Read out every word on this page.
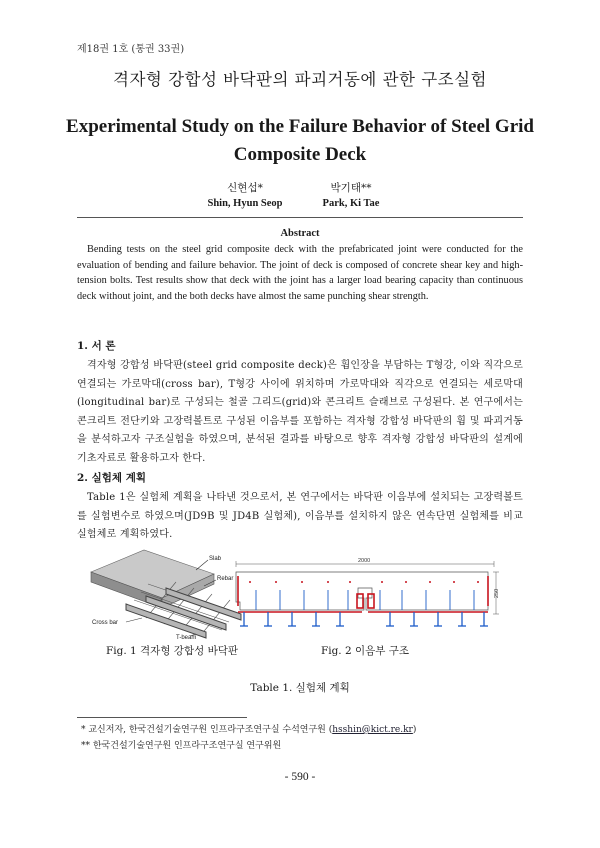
제18권 1호 (통권 33권)
격자형 강합성 바닥판의 파괴거동에 관한 구조실험
Experimental Study on the Failure Behavior of Steel Grid
Composite Deck
신현섭*
Shin, Hyun Seop
박기태**
Park, Ki Tae
Abstract
Bending tests on the steel grid composite deck with the prefabricated joint were conducted for the evaluation of bending and failure behavior. The joint of deck is composed of concrete shear key and high-tension bolts. Test results show that deck with the joint has a larger load bearing capacity than continuous deck without joint, and the both decks have almost the same punching shear strength.
1. 서 론
격자형 강합성 바닥판(steel grid composite deck)은 휨인장을 부담하는 T형강, 이와 직각으로 연결되는 가로막대(cross bar), T형강 사이에 위치하며 가로막대와 직각으로 연결되는 세로막대(longitudinal bar)로 구성되는 철골 그리드(grid)와 콘크리트 슬래브로 구성된다. 본 연구에서는 콘크리트 전단키와 고장력볼트로 구성된 이음부를 포함하는 격자형 강합성 바닥판의 휨 및 파괴거동을 분석하고자 구조실험을 하였으며, 분석된 결과를 바탕으로 향후 격자형 강합성 바닥판의 설계에 기초자료로 활용하고자 한다.
2. 실험체 계획
Table 1은 실험체 계획을 나타낸 것으로서, 본 연구에서는 바닥판 이음부에 설치되는 고장력볼트를 실험변수로 하였으며(JD9B 및 JD4B 실험체), 이음부를 설치하지 않은 연속단면 실험체를 비교실험체로 계획하였다.
Slab
Rebar
Cross bar
T-beam
2000
250
Fig. 1 격자형 강합성 바닥판	Fig. 2 이음부 구조
Table 1. 실험체 계획
* 교신저자, 한국건설기술연구원 인프라구조연구실 수석연구원 (hsshin@kict.re.kr)
** 한국건설기술연구원 인프라구조연구실 연구위원
- 590 -
